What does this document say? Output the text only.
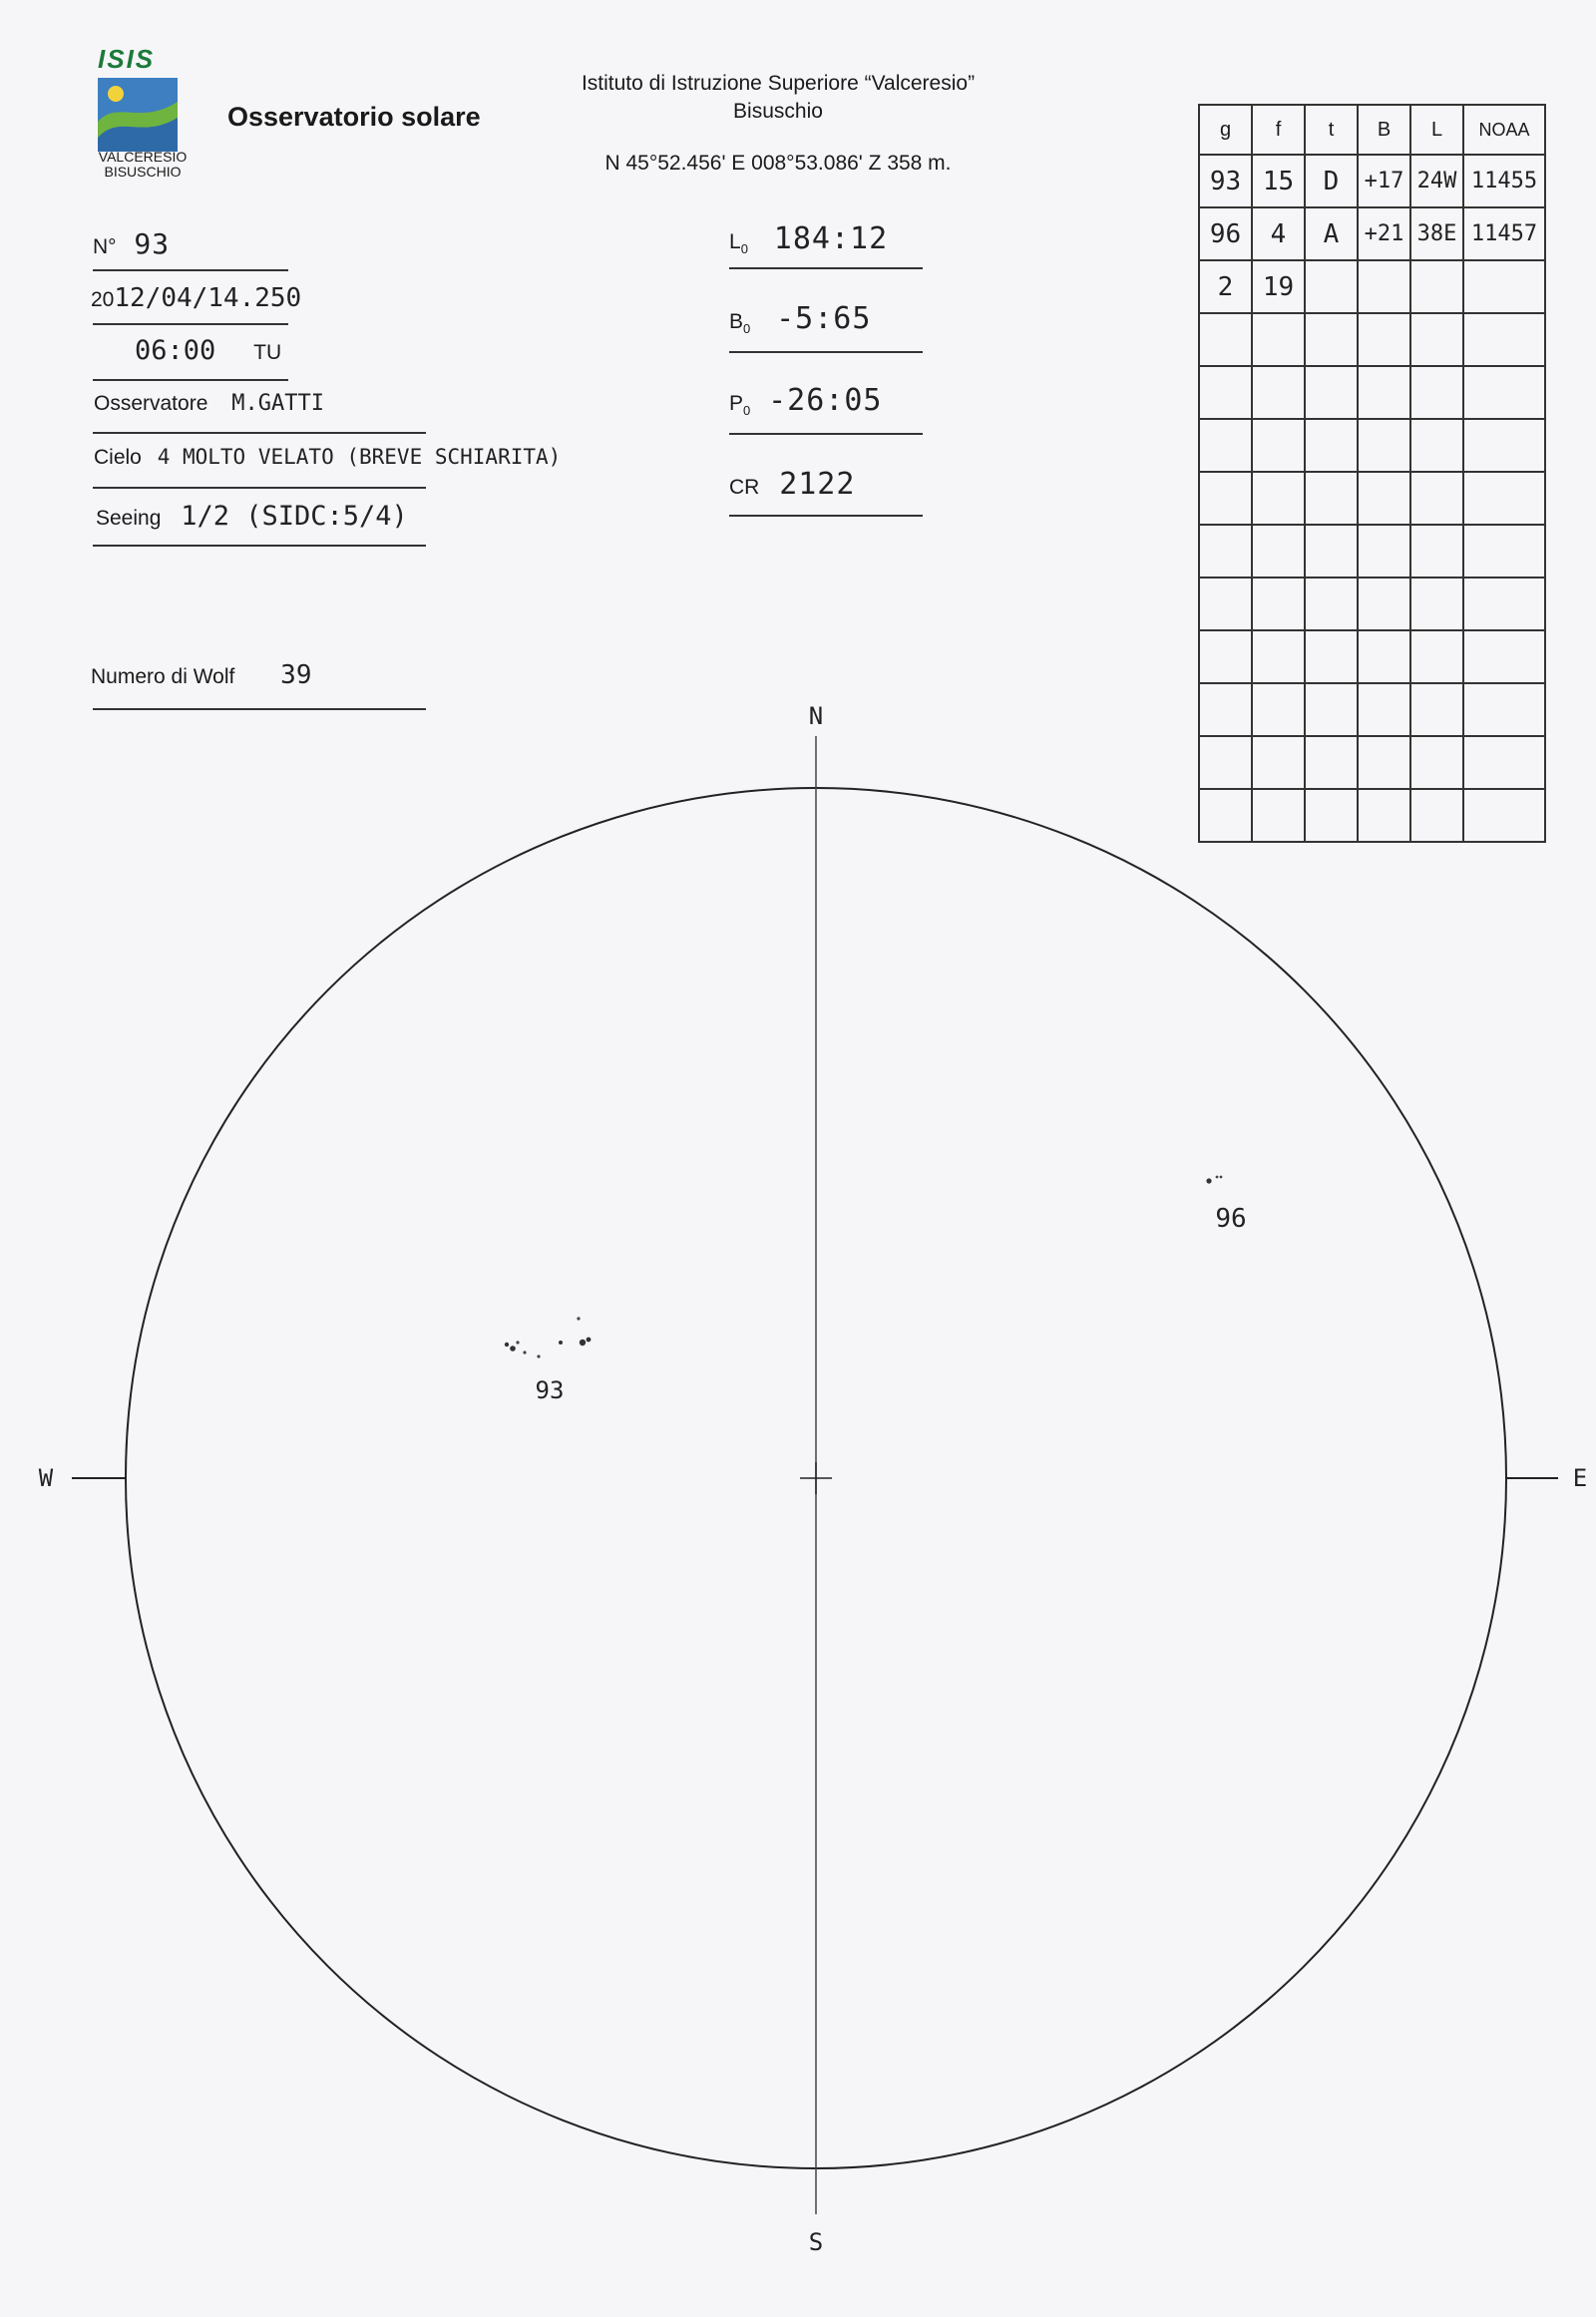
ISIS
VALCERESIO
BISUSCHIO
Osservatorio solare
Istituto di Istruzione Superiore “Valceresio”
Bisuschio
N 45°52.456' E 008°53.086' Z 358 m.
N° 93
2012/04/14.250
06:00 TU
Osservatore M.GATTI
Cielo 4 MOLTO VELATO (BREVE SCHIARITA)
Seeing 1/2 (SIDC:5/4)
Numero di Wolf 39
$L_0$ 184:12
$B_0$ -5:65
$P_0$ -26:05
CR 2122
g	f	t	B	L	NOAA
93	15	D	+17	24W	11455
96	4	A	+21	38E	11457
2	19				

N
S
W	E
93
96
